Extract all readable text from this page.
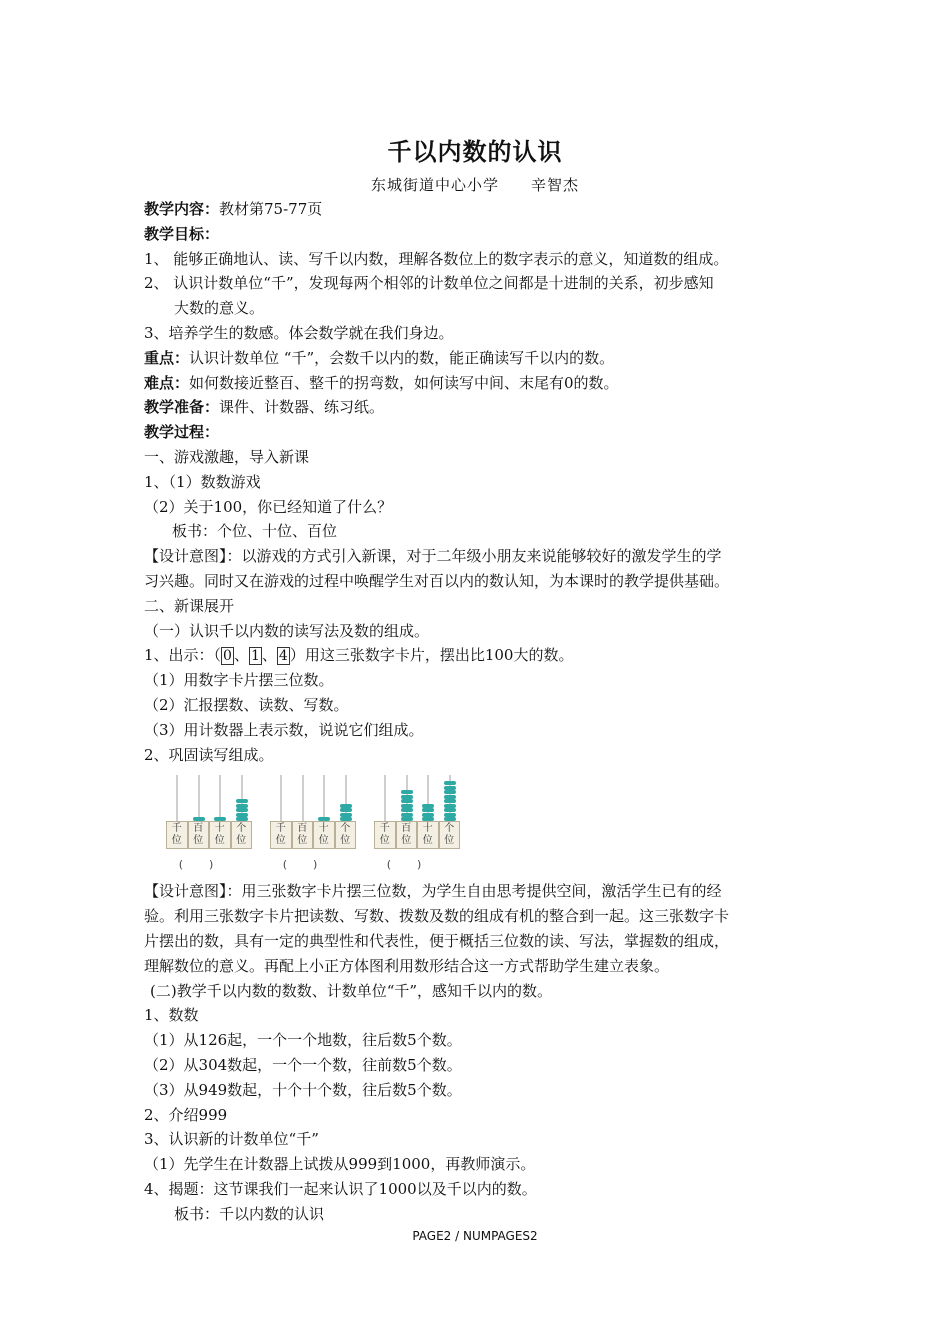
千以内数的认识
东城街道中心小学 辛智杰
教学内容：教材第75-77页
教学目标：
1、 能够正确地认、读、写千以内数，理解各数位上的数字表示的意义，知道数的组成。
2、 认识计数单位“千”，发现每两个相邻的计数单位之间都是十进制的关系，初步感知
大数的意义。
3、培养学生的数感。体会数学就在我们身边。
重点：认识计数单位 “千”，会数千以内的数，能正确读写千以内的数。
难点：如何数接近整百、整千的拐弯数，如何读写中间、末尾有0的数。
教学准备：课件、计数器、练习纸。
教学过程：
一、游戏激趣，导入新课
1、（1）数数游戏
（2）关于100，你已经知道了什么？
板书：个位、十位、百位
【设计意图】：以游戏的方式引入新课，对于二年级小朋友来说能够较好的激发学生的学
习兴趣。同时又在游戏的过程中唤醒学生对百以内的数认知，为本课时的教学提供基础。
二、新课展开
（一）认识千以内数的读写法及数的组成。
1、出示：（ 0 、 1 、 4 ）用这三张数字卡片，摆出比100大的数。
（1）用数字卡片摆三位数。
（2）汇报摆数、读数、写数。
（3）用计数器上表示数，说说它们组成。
2、巩固读写组成。
千
位
百
位
十
位
个
位
()
千
位
百
位
十
位
个
位
()
千
位
百
位
十
位
个
位
()
【设计意图】：用三张数字卡片摆三位数，为学生自由思考提供空间，激活学生已有的经
验。利用三张数字卡片把读数、写数、拨数及数的组成有机的整合到一起。这三张数字卡
片摆出的数，具有一定的典型性和代表性，便于概括三位数的读、写法，掌握数的组成，
理解数位的意义。再配上小正方体图利用数形结合这一方式帮助学生建立表象。
(二)教学千以内数的数数、计数单位“千”，感知千以内的数。
1、数数
（1）从126起，一个一个地数，往后数5个数。
（2）从304数起，一个一个数，往前数5个数。
（3）从949数起，十个十个数，往后数5个数。
2、介绍999
3、认识新的计数单位“千”
（1）先学生在计数器上试拨从999到1000，再教师演示。
4、揭题：这节课我们一起来认识了1000以及千以内的数。
板书：千以内数的认识
PAGE2 / NUMPAGES2
